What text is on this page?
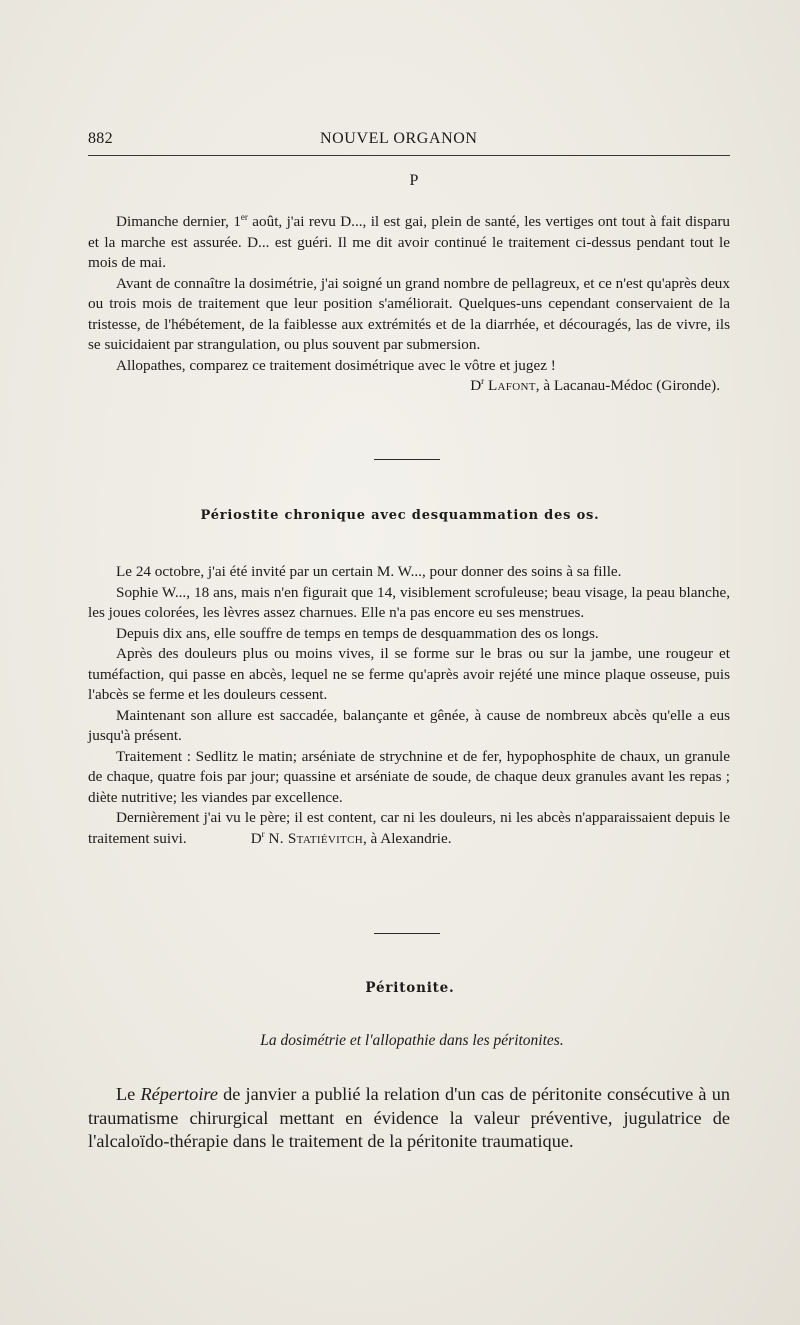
882	NOUVEL ORGANON
P

Dimanche dernier, 1er août, j'ai revu D..., il est gai, plein de santé, les vertiges ont tout à fait disparu et la marche est assurée. D... est guéri. Il me dit avoir continué le traitement ci-dessus pendant tout le mois de mai.

Avant de connaître la dosimétrie, j'ai soigné un grand nombre de pellagreux, et ce n'est qu'après deux ou trois mois de traitement que leur position s'améliorait. Quelques-uns cependant conservaient de la tristesse, de l'hébétement, de la faiblesse aux extrémités et de la diarrhée, et découragés, las de vivre, ils se suicidaient par strangulation, ou plus souvent par submersion.

Allopathes, comparez ce traitement dosimétrique avec le vôtre et jugez !

$D^r$ Lafont, à Lacanau-Médoc (Gironde).

Périostite chronique avec desquammation des os.

Le 24 octobre, j'ai été invité par un certain M. W..., pour donner des soins à sa fille.

Sophie W..., 18 ans, mais n'en figurait que 14, visiblement scrofuleuse; beau visage, la peau blanche, les joues colorées, les lèvres assez charnues. Elle n'a pas encore eu ses menstrues.

Depuis dix ans, elle souffre de temps en temps de desquammation des os longs.

Après des douleurs plus ou moins vives, il se forme sur le bras ou sur la jambe, une rougeur et tuméfaction, qui passe en abcès, lequel ne se ferme qu'après avoir rejété une mince plaque osseuse, puis l'abcès se ferme et les douleurs cessent.

Maintenant son allure est saccadée, balançante et gênée, à cause de nombreux abcès qu'elle a eus jusqu'à présent.

Traitement : Sedlitz le matin; arséniate de strychnine et de fer, hypophosphite de chaux, un granule de chaque, quatre fois par jour; quassine et arséniate de soude, de chaque deux granules avant les repas ; diète nutritive; les viandes par excellence.

Dernièrement j'ai vu le père; il est content, car ni les douleurs, ni les abcès n'apparaissaient depuis le traitement suivi.	$D^r$ N. Statiévitch, à Alexandrie.

Péritonite.
La dosimétrie et l'allopathie dans les péritonites.

Le Répertoire de janvier a publié la relation d'un cas de péritonite consécutive à un traumatisme chirurgical mettant en évidence la valeur préventive, jugulatrice de l'alcaloïdo-thérapie dans le traitement de la péritonite traumatique.
